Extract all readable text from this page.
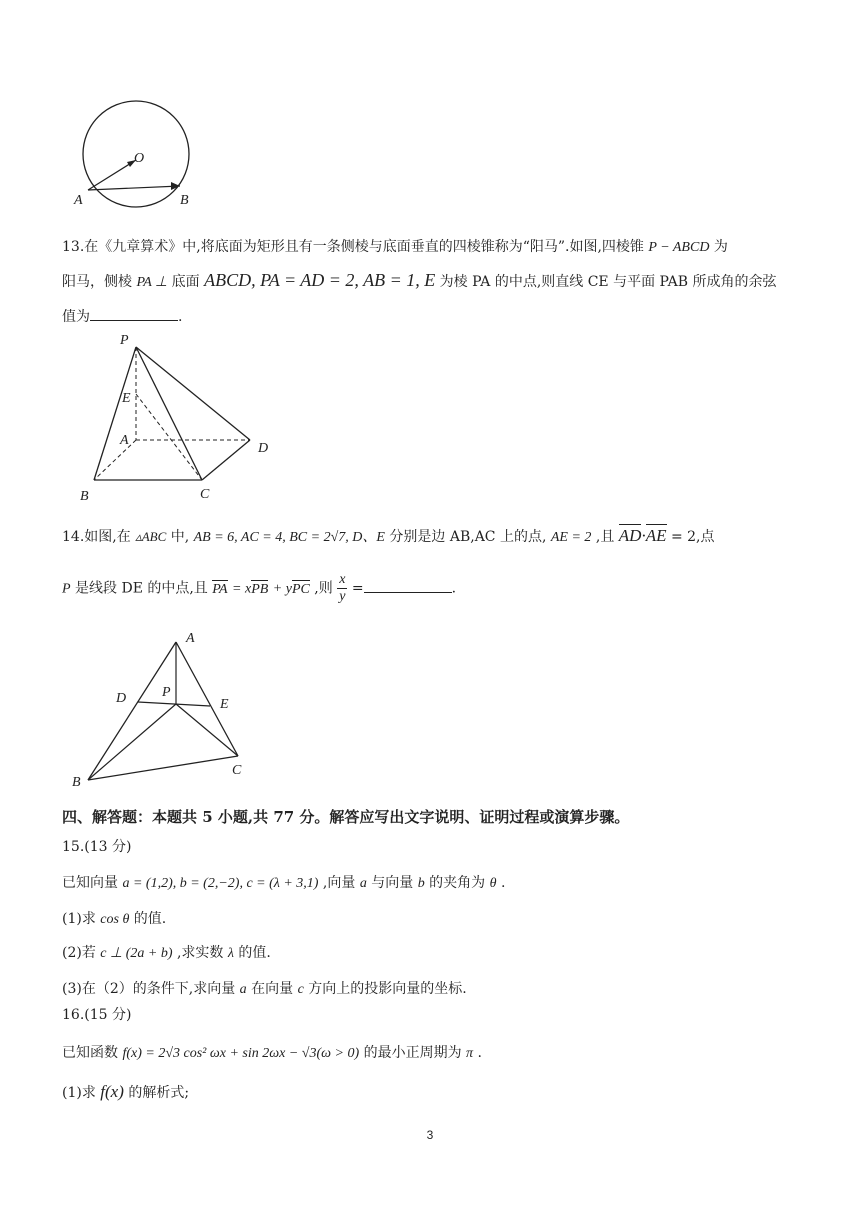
O
A	B
13.在《九章算术》中,将底面为矩形且有一条侧棱与底面垂直的四棱锥称为“阳马”.如图,四棱锥 P − ABCD 为
阳马，侧棱 PA ⊥ 底面 ABCD, PA = AD = 2, AB = 1, E 为棱 PA 的中点,则直线 CE 与平面 PAB 所成角的余弦
值为	.
P
E
A
D
B	C
14.如图,在 ▵ABC 中, AB = 6, AC = 4, BC = 2√7, D、E 分别是边 AB,AC 上的点, AE = 2 ,且 AD·AE = 2,点
P 是线段 DE 的中点,且 PA = xPB + yPC ,则 $\frac{x}{y}$ =	.
A
D	P
E
B
C
四、解答题：本题共 5 小题,共 77 分。解答应写出文字说明、证明过程或演算步骤。
15.(13 分)
已知向量 a = (1,2), b = (2,−2), c = (λ + 3,1) ,向量 a 与向量 b 的夹角为 θ .
(1)求 cos θ 的值.
(2)若 c ⊥ (2a + b) ,求实数 λ 的值.
(3)在（2）的条件下,求向量 a 在向量 c 方向上的投影向量的坐标.
16.(15 分)
已知函数 f(x) = 2√3 cos² ωx + sin 2ωx − √3(ω > 0) 的最小正周期为 π .
(1)求 f(x) 的解析式;
3
